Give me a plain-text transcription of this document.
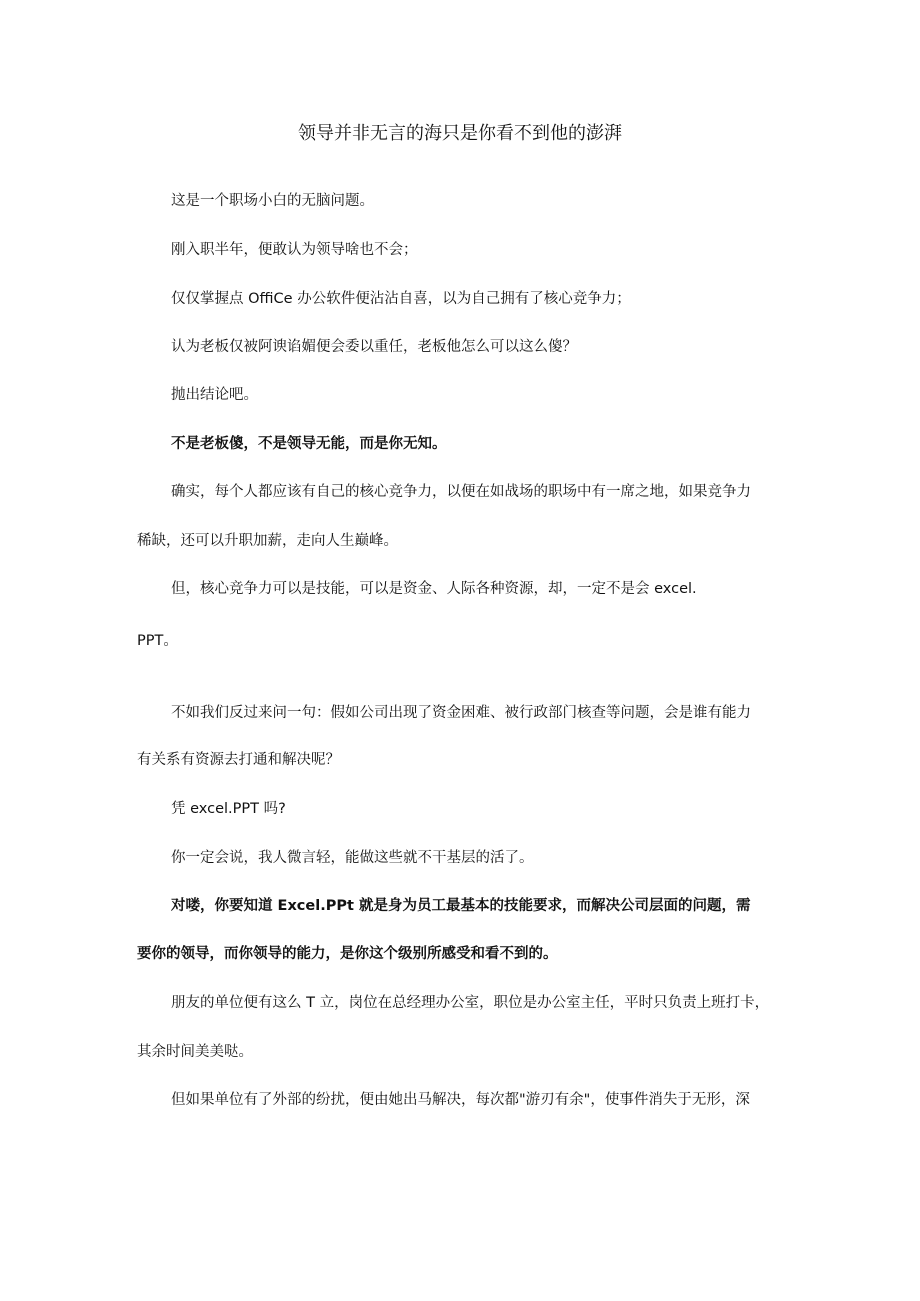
领导并非无言的海只是你看不到他的澎湃
这是一个职场小白的无脑问题。
刚入职半年，便敢认为领导啥也不会；
仅仅掌握点 OffiCe 办公软件便沾沾自喜，以为自己拥有了核心竞争力；
认为老板仅被阿谀谄媚便会委以重任，老板他怎么可以这么傻？
抛出结论吧。
不是老板傻，不是领导无能，而是你无知。
确实，每个人都应该有自己的核心竞争力，以便在如战场的职场中有一席之地，如果竞争力
稀缺，还可以升职加薪，走向人生巅峰。
但，核心竞争力可以是技能，可以是资金、人际各种资源，却，一定不是会 excel.
PPT。
不如我们反过来问一句：假如公司出现了资金困难、被行政部门核查等问题，会是谁有能力
有关系有资源去打通和解决呢？
凭 excel.PPT 吗?
你一定会说，我人微言轻，能做这些就不干基层的活了。
对喽，你要知道 Excel.PPt 就是身为员工最基本的技能要求，而解决公司层面的问题，需
要你的领导，而你领导的能力，是你这个级别所感受和看不到的。
朋友的单位便有这么 T 立，岗位在总经理办公室，职位是办公室主任，平时只负责上班打卡，
其余时间美美哒。
但如果单位有了外部的纷扰，便由她出马解决，每次都"游刃有余"，使事件消失于无形，深
